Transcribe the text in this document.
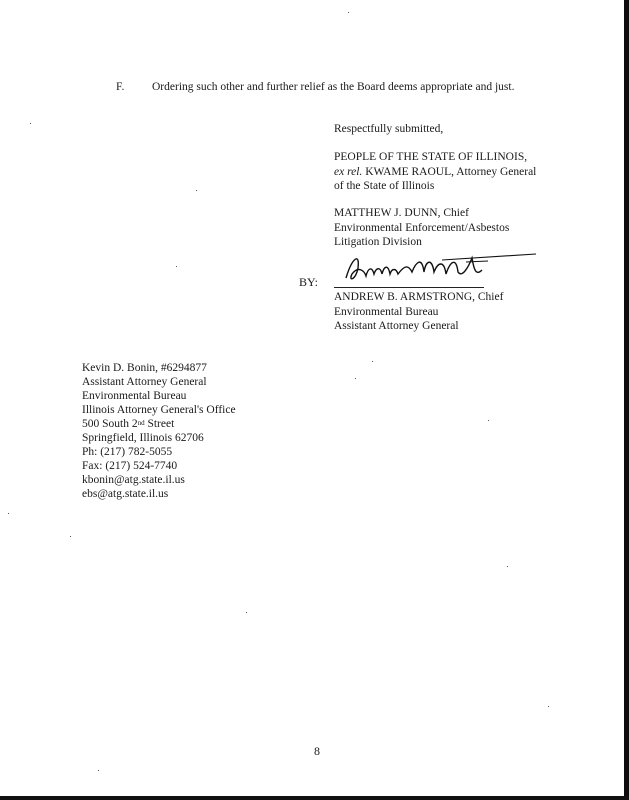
F. Ordering such other and further relief as the Board deems appropriate and just.
Respectfully submitted,
PEOPLE OF THE STATE OF ILLINOIS,
ex rel. KWAME RAOUL, Attorney General
of the State of Illinois
MATTHEW J. DUNN, Chief
Environmental Enforcement/Asbestos
Litigation Division
BY:
ANDREW B. ARMSTRONG, Chief
Environmental Bureau
Assistant Attorney General
Kevin D. Bonin, #6294877
Assistant Attorney General
Environmental Bureau
Illinois Attorney General's Office
500 South 2nd Street
Springfield, Illinois 62706
Ph: (217) 782-5055
Fax: (217) 524-7740
kbonin@atg.state.il.us
ebs@atg.state.il.us
8
